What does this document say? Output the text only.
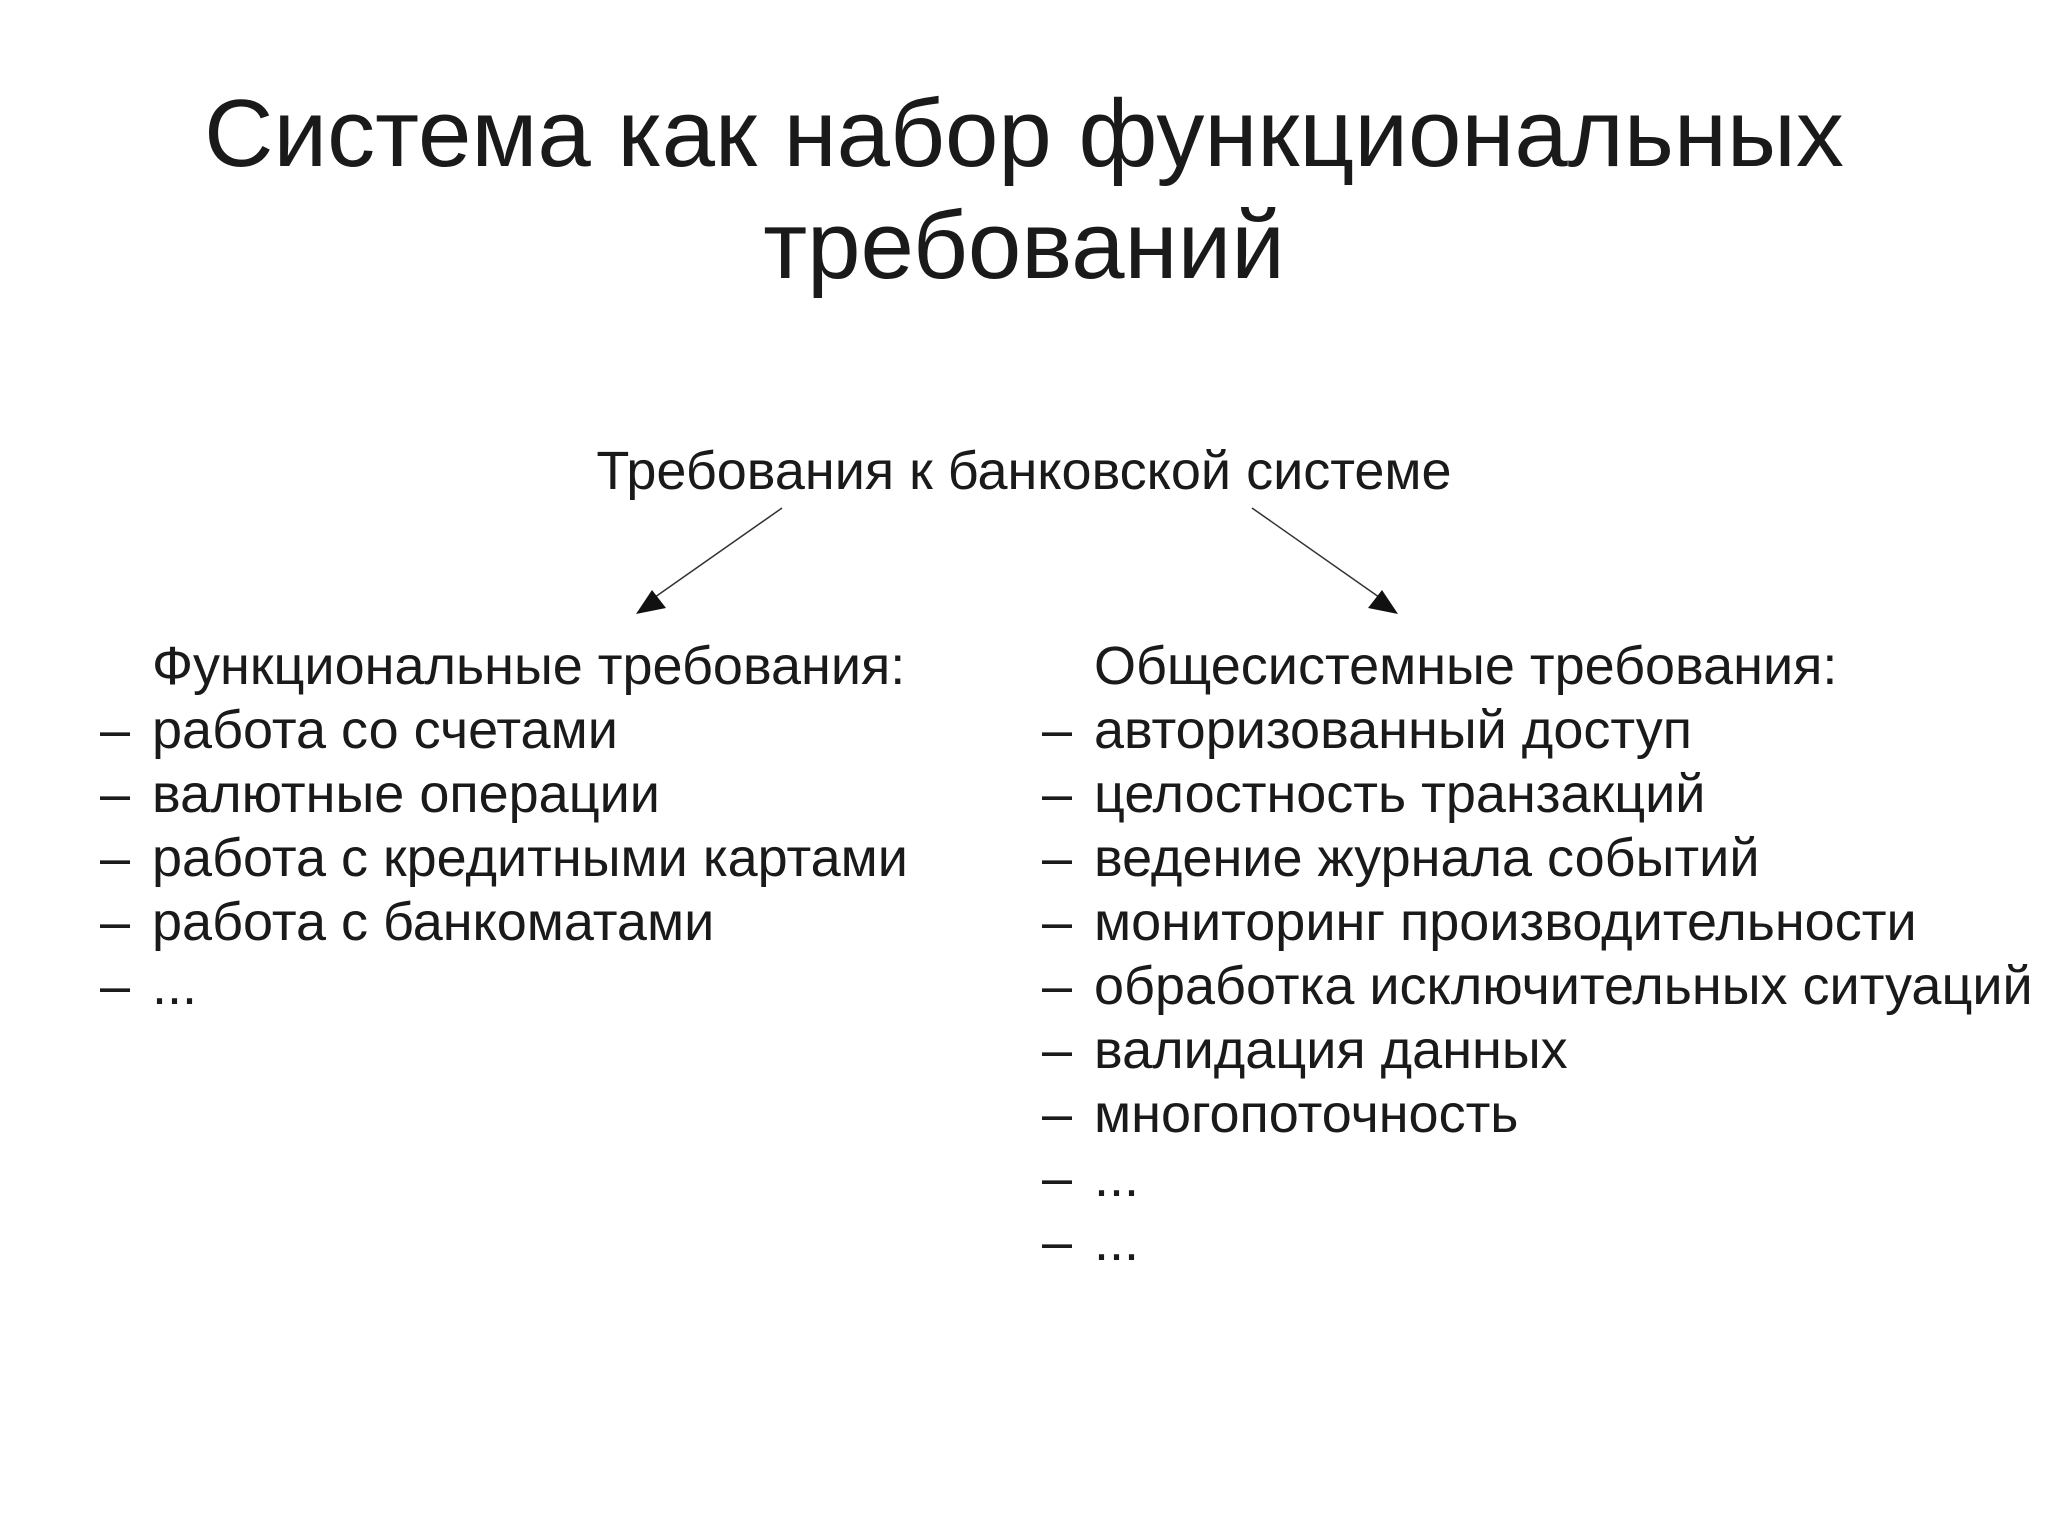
Система как набор функциональных
требований
Требования к банковской системе
Функциональные требования:
– работа со счетами
– валютные операции
– работа с кредитными картами
– работа с банкоматами
– ...
Общесистемные требования:
– авторизованный доступ
– целостность транзакций
– ведение журнала событий
– мониторинг производительности
– обработка исключительных ситуаций
– валидация данных
– многопоточность
– ...
– ...
